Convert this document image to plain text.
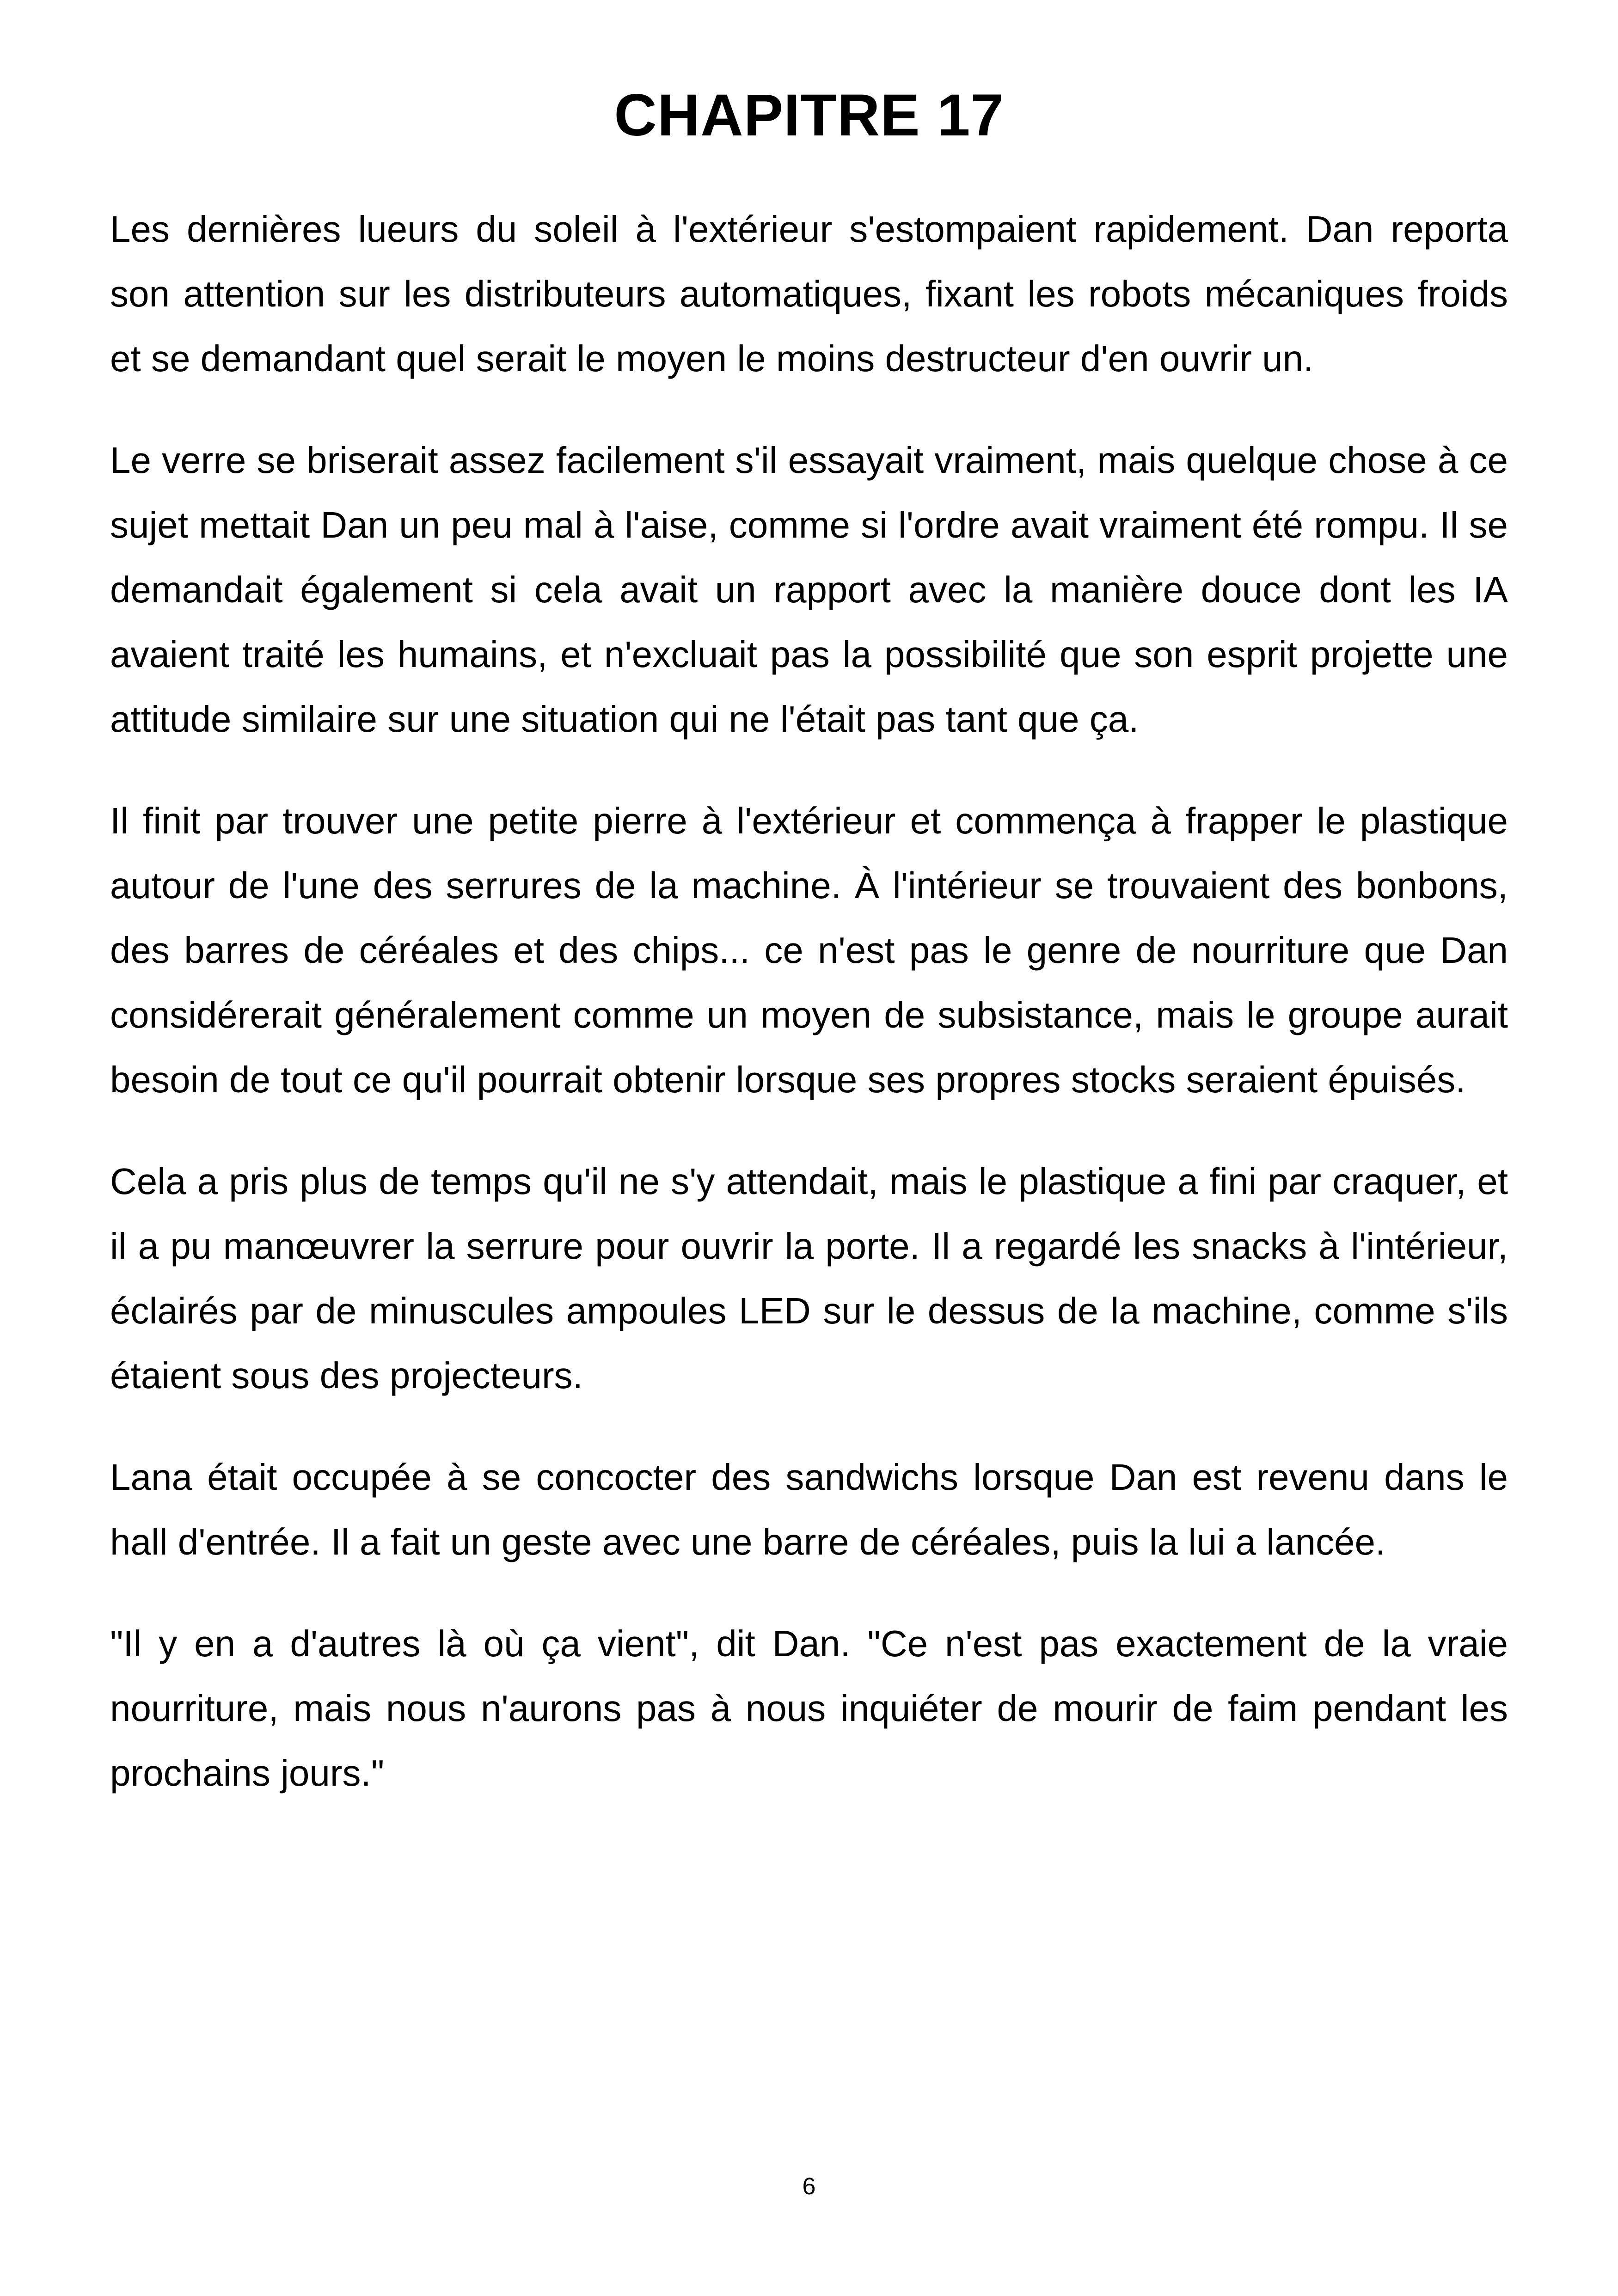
CHAPITRE 17

Les dernières lueurs du soleil à l'extérieur s'estompaient rapidement. Dan reporta son attention sur les distributeurs automatiques, fixant les robots mécaniques froids et se demandant quel serait le moyen le moins destructeur d'en ouvrir un.

Le verre se briserait assez facilement s'il essayait vraiment, mais quelque chose à ce sujet mettait Dan un peu mal à l'aise, comme si l'ordre avait vraiment été rompu. Il se demandait également si cela avait un rapport avec la manière douce dont les IA avaient traité les humains, et n'excluait pas la possibilité que son esprit projette une attitude similaire sur une situation qui ne l'était pas tant que ça.

Il finit par trouver une petite pierre à l'extérieur et commença à frapper le plastique autour de l'une des serrures de la machine. À l'intérieur se trouvaient des bonbons, des barres de céréales et des chips... ce n'est pas le genre de nourriture que Dan considérerait généralement comme un moyen de subsistance, mais le groupe aurait besoin de tout ce qu'il pourrait obtenir lorsque ses propres stocks seraient épuisés.

Cela a pris plus de temps qu'il ne s'y attendait, mais le plastique a fini par craquer, et il a pu manœuvrer la serrure pour ouvrir la porte. Il a regardé les snacks à l'intérieur, éclairés par de minuscules ampoules LED sur le dessus de la machine, comme s'ils étaient sous des projecteurs.

Lana était occupée à se concocter des sandwichs lorsque Dan est revenu dans le hall d'entrée. Il a fait un geste avec une barre de céréales, puis la lui a lancée.

"Il y en a d'autres là où ça vient", dit Dan. "Ce n'est pas exactement de la vraie nourriture, mais nous n'aurons pas à nous inquiéter de mourir de faim pendant les prochains jours."

6
